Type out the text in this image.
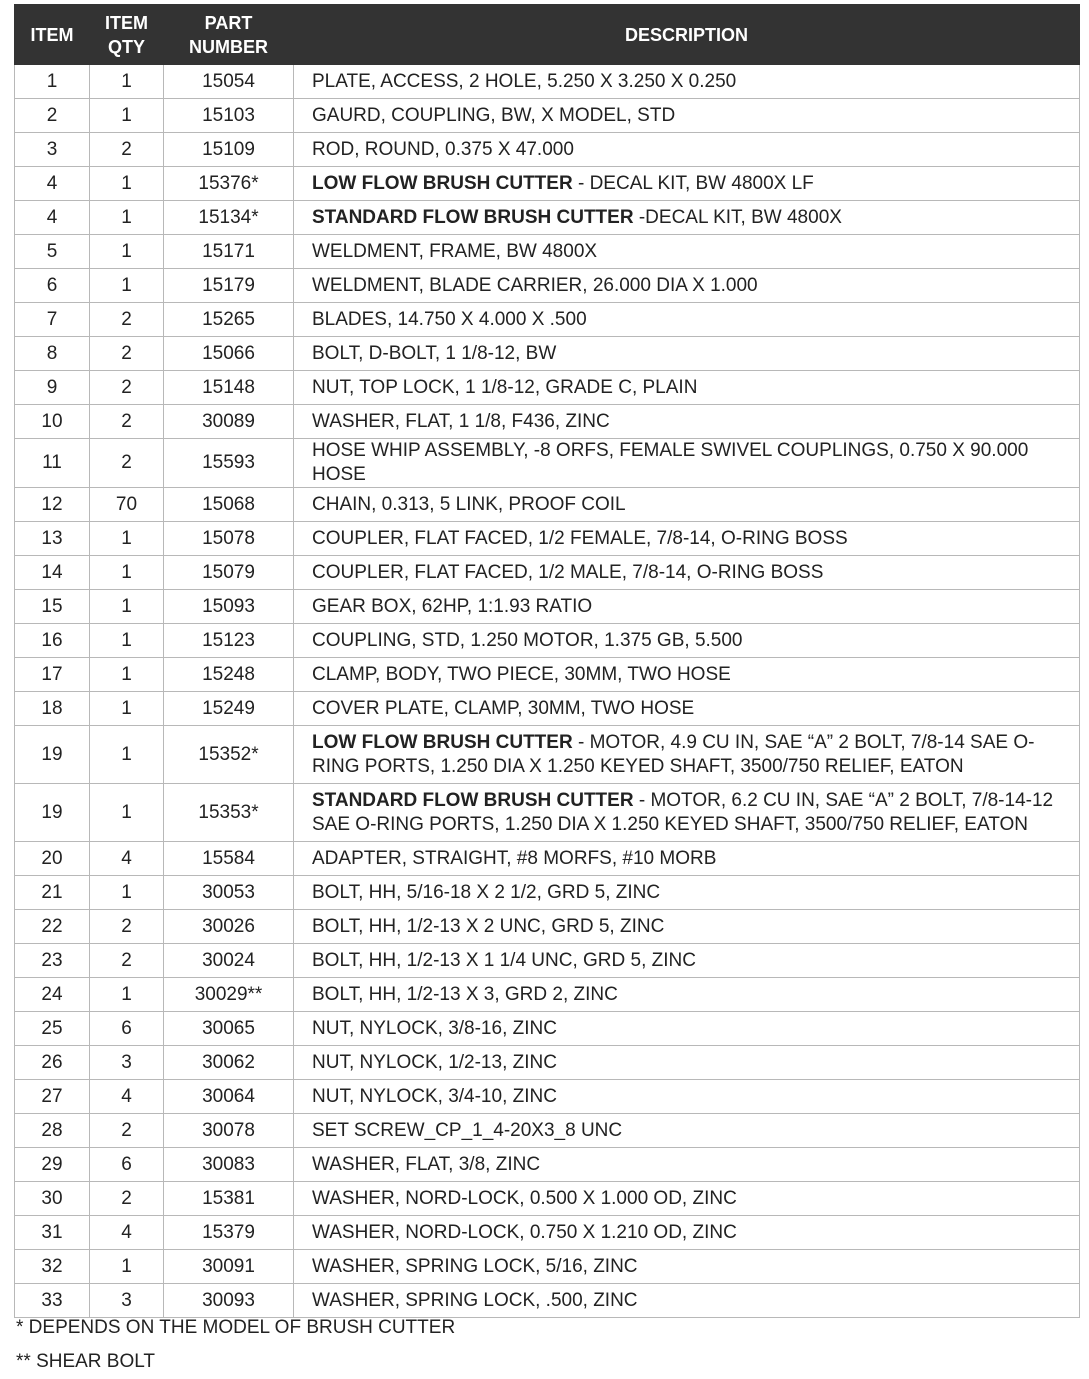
ITEM	ITEM QTY	PART NUMBER	DESCRIPTION
1	1	15054	PLATE, ACCESS, 2 HOLE, 5.250 X 3.250 X 0.250
2	1	15103	GAURD, COUPLING, BW, X MODEL, STD
3	2	15109	ROD, ROUND, 0.375 X 47.000
4	1	15376*	LOW FLOW BRUSH CUTTER - DECAL KIT, BW 4800X LF
4	1	15134*	STANDARD FLOW BRUSH CUTTER -DECAL KIT, BW 4800X
5	1	15171	WELDMENT, FRAME, BW 4800X
6	1	15179	WELDMENT, BLADE CARRIER, 26.000 DIA X 1.000
7	2	15265	BLADES, 14.750 X 4.000 X .500
8	2	15066	BOLT, D-BOLT, 1 1/8-12, BW
9	2	15148	NUT, TOP LOCK, 1 1/8-12, GRADE C, PLAIN
10	2	30089	WASHER, FLAT, 1 1/8, F436, ZINC
11	2	15593	HOSE WHIP ASSEMBLY, -8 ORFS, FEMALE SWIVEL COUPLINGS, 0.750 X 90.000 HOSE
12	70	15068	CHAIN, 0.313, 5 LINK, PROOF COIL
13	1	15078	COUPLER, FLAT FACED, 1/2 FEMALE, 7/8-14, O-RING BOSS
14	1	15079	COUPLER, FLAT FACED, 1/2 MALE, 7/8-14, O-RING BOSS
15	1	15093	GEAR BOX, 62HP, 1:1.93 RATIO
16	1	15123	COUPLING, STD, 1.250 MOTOR, 1.375 GB, 5.500
17	1	15248	CLAMP, BODY, TWO PIECE, 30MM, TWO HOSE
18	1	15249	COVER PLATE, CLAMP, 30MM, TWO HOSE
19	1	15352*	LOW FLOW BRUSH CUTTER - MOTOR, 4.9 CU IN, SAE “A” 2 BOLT, 7/8-14 SAE O-RING PORTS, 1.250 DIA X 1.250 KEYED SHAFT, 3500/750 RELIEF, EATON
19	1	15353*	STANDARD FLOW BRUSH CUTTER - MOTOR, 6.2 CU IN, SAE “A” 2 BOLT, 7/8-14-12 SAE O-RING PORTS, 1.250 DIA X 1.250 KEYED SHAFT, 3500/750 RELIEF, EATON
20	4	15584	ADAPTER, STRAIGHT, #8 MORFS, #10 MORB
21	1	30053	BOLT, HH, 5/16-18 X 2 1/2, GRD 5, ZINC
22	2	30026	BOLT, HH, 1/2-13 X 2 UNC, GRD 5, ZINC
23	2	30024	BOLT, HH, 1/2-13 X 1 1/4 UNC, GRD 5, ZINC
24	1	30029**	BOLT, HH, 1/2-13 X 3, GRD 2, ZINC
25	6	30065	NUT, NYLOCK, 3/8-16, ZINC
26	3	30062	NUT, NYLOCK, 1/2-13, ZINC
27	4	30064	NUT, NYLOCK, 3/4-10, ZINC
28	2	30078	SET SCREW_CP_1_4-20X3_8 UNC
29	6	30083	WASHER, FLAT, 3/8, ZINC
30	2	15381	WASHER, NORD-LOCK, 0.500 X 1.000 OD, ZINC
31	4	15379	WASHER, NORD-LOCK, 0.750 X 1.210 OD, ZINC
32	1	30091	WASHER, SPRING LOCK, 5/16, ZINC
33	3	30093	WASHER, SPRING LOCK, .500, ZINC
* DEPENDS ON THE MODEL OF BRUSH CUTTER
** SHEAR BOLT
